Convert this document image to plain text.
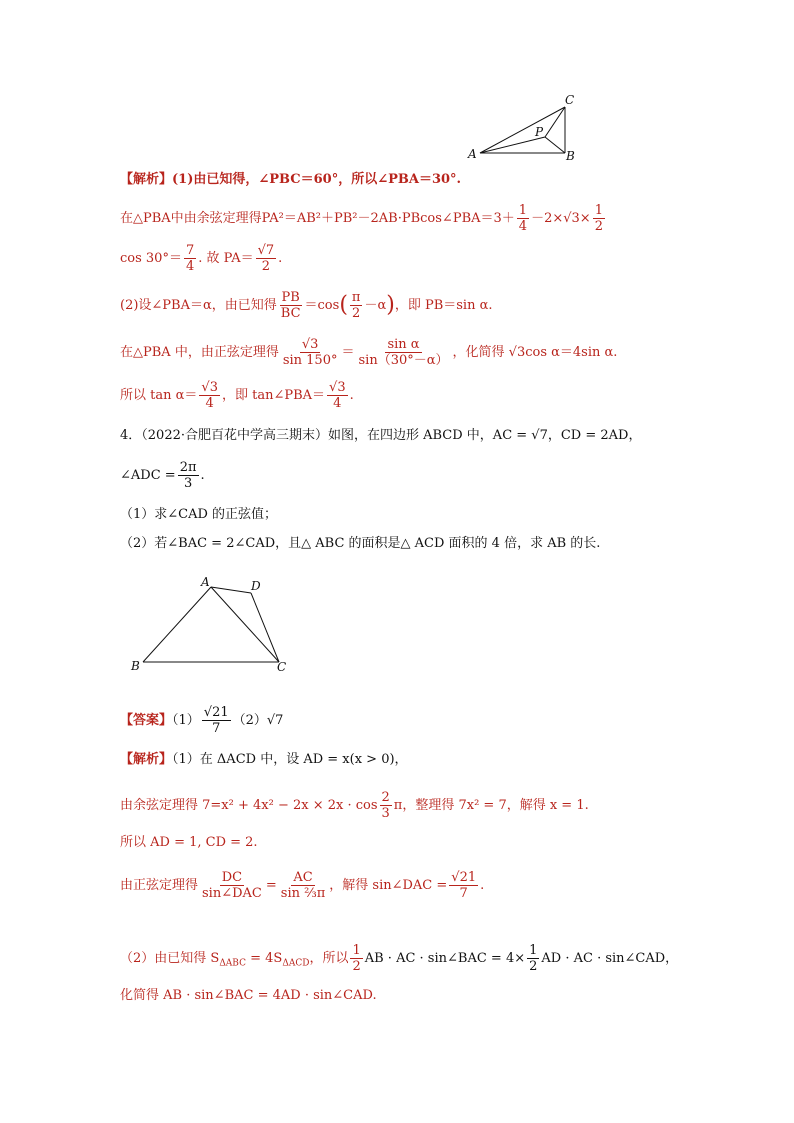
A	B
C
P
【解析】(1)由已知得，∠PBC＝60°，所以∠PBA＝30°.
在△PBA中由余弦定理得PA²＝AB²＋PB²－2AB·PBcos∠PBA＝3＋ $\frac{1}{4} -2\times√3\times \frac{1}{2}$
$\cos 30^\circ= \frac{7}{4}$ . 故 $PA= \frac{√7}{2}$ .
(2)设∠PBA＝α，由已知得 $\frac{PB}{BC} =\cos( \frac{\pi}{2} -\alpha)$，即 PB＝sin α.
在△PBA 中，由正弦定理得 $\frac{√3}{\sin 150^\circ} = \frac{\text{sin α}}{\sin(30^\circ-\alpha)}$ ，化简得 √3cos α＝4sin α.
所以 $\tan \alpha= \frac{√3}{4}$ ，即 tan∠PBA＝ $\frac{√3}{4}$ .
4．（2022·合肥百花中学高三期末）如图，在四边形 ABCD 中，AC = √7，CD = 2AD，
∠ADC = $\frac{2\pi}{3}$ .
（1）求∠CAD 的正弦值；
（2）若∠BAC = 2∠CAD，且△ ABC 的面积是△ ACD 面积的 4 倍，求 AB 的长.
A
B	C
D
【答案】$(1) \frac{√21}{7} (2)√7$
【解析】（1）在 ΔACD 中，设 AD = x(x > 0)，
由余弦定理得 $7=x^2 + 4x^2 - 2x \times 2x \cdot \cos \frac{2}{3}$ π，整理得 7x² = 7，解得 x = 1.
所以 AD = 1, CD = 2.
由正弦定理得 $\frac{DC}{\text{sin∠DAC}} = \frac{AC}{\text{sin ⅔π}}$ ，解得 sin∠DAC = $\frac{√21}{7}$ .
（2）由已知得 $S_{\Delta ABC} = 4S_{\Delta ACD}$，所以 $\frac{1}{2}$ AB · AC · sin∠BAC = $4\times \frac{1}{2}$ AD · AC · sin∠CAD，
化简得 AB · sin∠BAC = 4AD · sin∠CAD.
